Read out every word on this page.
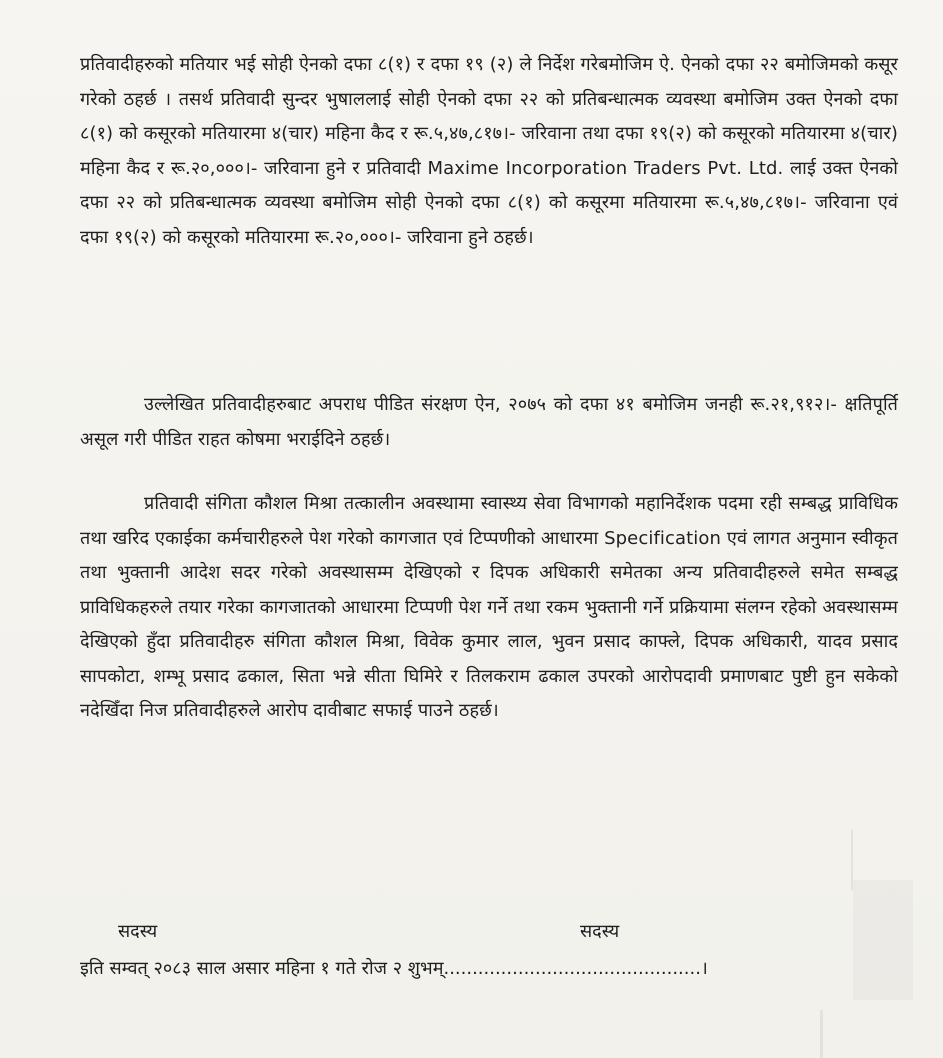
प्रतिवादीहरुको मतियार भई सोही ऐनको दफा ८(१) र दफा १९ (२) ले निर्देश गरेबमोजिम ऐ. ऐनको दफा २२ बमोजिमको कसूर गरेको ठहर्छ । तसर्थ प्रतिवादी सुन्दर भुषाललाई सोही ऐनको दफा २२ को प्रतिबन्धात्मक व्यवस्था बमोजिम उक्त ऐनको दफा ८(१) को कसूरको मतियारमा ४(चार) महिना कैद र रू.५,४७,८१७।- जरिवाना तथा दफा १९(२) को कसूरको मतियारमा ४(चार) महिना कैद र रू.२०,०००।- जरिवाना हुने र प्रतिवादी Maxime Incorporation Traders Pvt. Ltd. लाई उक्त ऐनको दफा २२ को प्रतिबन्धात्मक व्यवस्था बमोजिम सोही ऐनको दफा ८(१) को कसूरमा मतियारमा रू.५,४७,८१७।- जरिवाना एवं दफा १९(२) को कसूरको मतियारमा रू.२०,०००।- जरिवाना हुने ठहर्छ।

उल्लेखित प्रतिवादीहरुबाट अपराध पीडित संरक्षण ऐन, २०७५ को दफा ४१ बमोजिम जनही रू.२१,९१२।- क्षतिपूर्ति असूल गरी पीडित राहत कोषमा भराईदिने ठहर्छ।

प्रतिवादी संगिता कौशल मिश्रा तत्कालीन अवस्थामा स्वास्थ्य सेवा विभागको महानिर्देशक पदमा रही सम्बद्ध प्राविधिक तथा खरिद एकाईका कर्मचारीहरुले पेश गरेको कागजात एवं टिप्पणीको आधारमा Specification एवं लागत अनुमान स्वीकृत तथा भुक्तानी आदेश सदर गरेको अवस्थासम्म देखिएको र दिपक अधिकारी समेतका अन्य प्रतिवादीहरुले समेत सम्बद्ध प्राविधिकहरुले तयार गरेका कागजातको आधारमा टिप्पणी पेश गर्ने तथा रकम भुक्तानी गर्ने प्रक्रियामा संलग्न रहेको अवस्थासम्म देखिएको हुँदा प्रतिवादीहरु संगिता कौशल मिश्रा, विवेक कुमार लाल, भुवन प्रसाद काफ्ले, दिपक अधिकारी, यादव प्रसाद सापकोटा, शम्भू प्रसाद ढकाल, सिता भन्ने सीता घिमिरे र तिलकराम ढकाल उपरको आरोपदावी प्रमाणबाट पुष्टी हुन सकेको नदेखिँदा निज प्रतिवादीहरुले आरोप दावीबाट सफाई पाउने ठहर्छ।

सदस्य	सदस्य

इति सम्वत् २०८३ साल असार महिना १ गते रोज २ शुभम्.............................................।
